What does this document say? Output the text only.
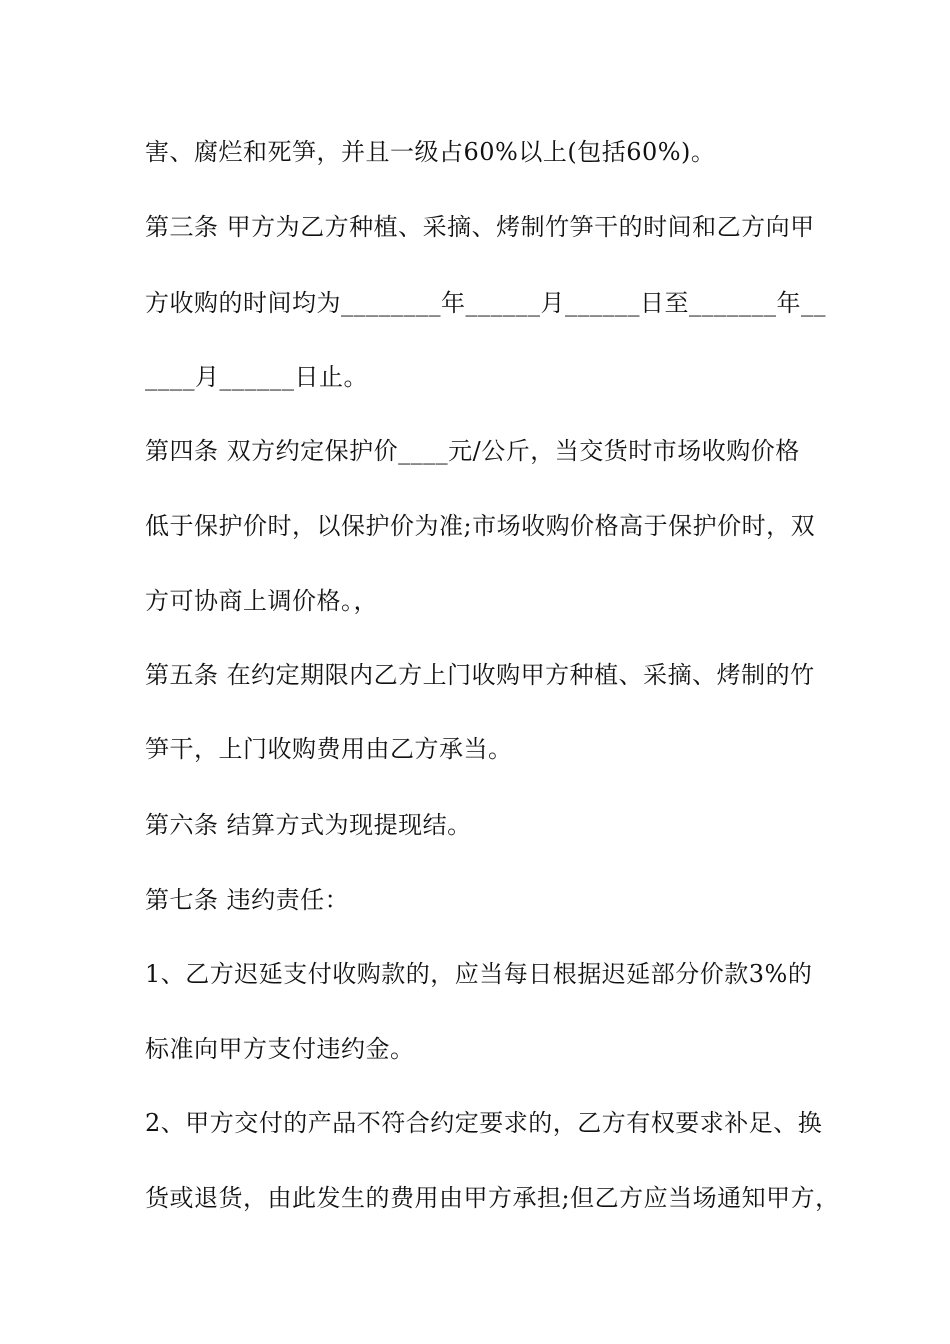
害、腐烂和死笋，并且一级占60%以上(包括60%)。

第三条 甲方为乙方种植、采摘、烤制竹笋干的时间和乙方向甲

方收购的时间均为________年______月______日至_______年__

____月______日止。

第四条 双方约定保护价____元/公斤，当交货时市场收购价格

低于保护价时，以保护价为准;市场收购价格高于保护价时，双

方可协商上调价格。，

第五条 在约定期限内乙方上门收购甲方种植、采摘、烤制的竹

笋干，上门收购费用由乙方承当。

第六条 结算方式为现提现结。

第七条 违约责任：

1、乙方迟延支付收购款的，应当每日根据迟延部分价款3%的

标准向甲方支付违约金。

2、甲方交付的产品不符合约定要求的，乙方有权要求补足、换

货或退货，由此发生的费用由甲方承担;但乙方应当场通知甲方，
